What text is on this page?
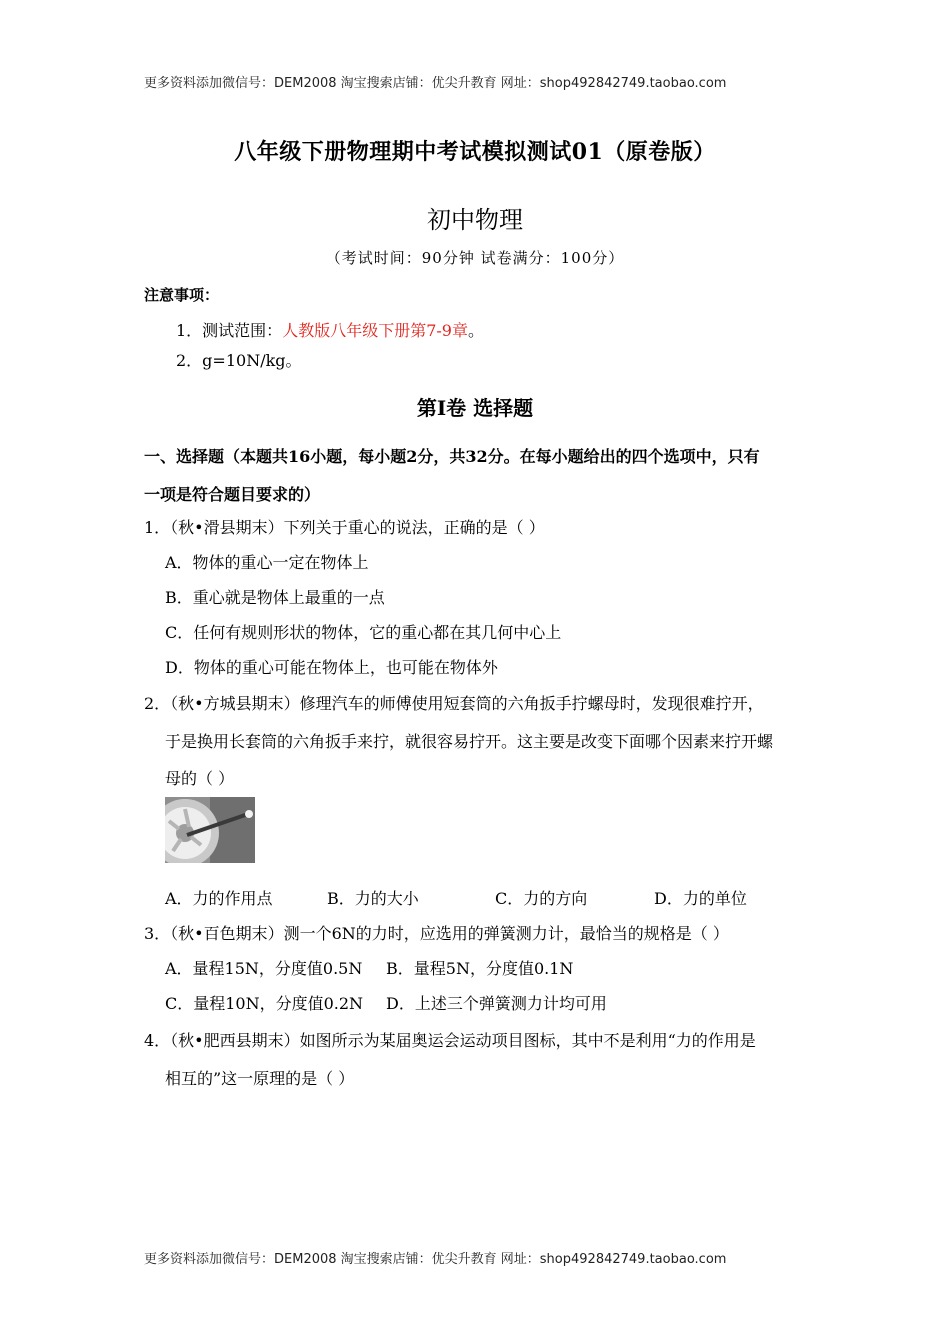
更多资料添加微信号：DEM2008 淘宝搜索店铺：优尖升教育 网址：shop492842749.taobao.com
八年级下册物理期中考试模拟测试01（原卷版）
初中物理
（考试时间：90分钟 试卷满分：100分）
注意事项：
1．测试范围：人教版八年级下册第7-9章。
2．g=10N/kg。
第Ⅰ卷 选择题
一、选择题（本题共16小题，每小题2分，共32分。在每小题给出的四个选项中，只有
一项是符合题目要求的）
1．（秋•滑县期末）下列关于重心的说法，正确的是（ ）
A．物体的重心一定在物体上
B．重心就是物体上最重的一点
C．任何有规则形状的物体，它的重心都在其几何中心上
D．物体的重心可能在物体上，也可能在物体外
2．（秋•方城县期末）修理汽车的师傅使用短套筒的六角扳手拧螺母时，发现很难拧开，
于是换用长套筒的六角扳手来拧，就很容易拧开。这主要是改变下面哪个因素来拧开螺
母的（ ）
A．力的作用点	B．力的大小	C．力的方向	D．力的单位
3．（秋•百色期末）测一个6N的力时，应选用的弹簧测力计，最恰当的规格是（ ）
A．量程15N，分度值0.5N B．量程5N，分度值0.1N
C．量程10N，分度值0.2N D．上述三个弹簧测力计均可用
4．（秋•肥西县期末）如图所示为某届奥运会运动项目图标，其中不是利用“力的作用是
相互的”这一原理的是（ ）
更多资料添加微信号：DEM2008 淘宝搜索店铺：优尖升教育 网址：shop492842749.taobao.com
